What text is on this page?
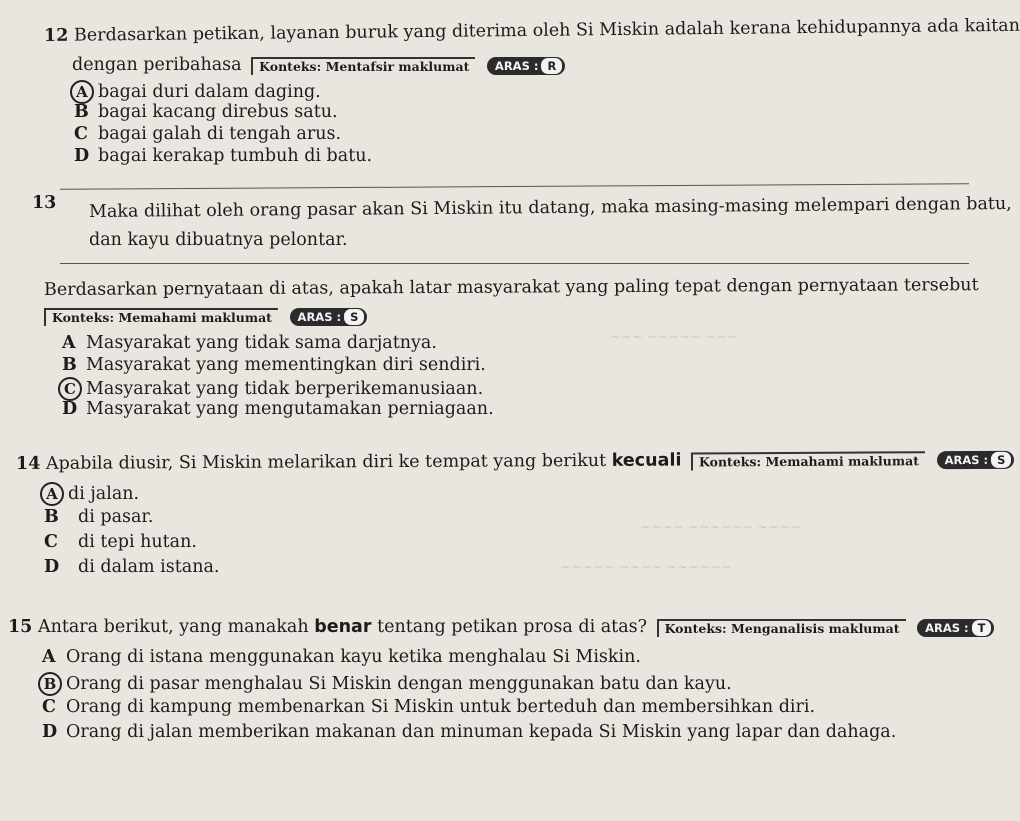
~~~ ~~~~~ ~~~
~~~~ ~~~~~~ ~~~~
~~~~~ ~~~~ ~~~~~~
12 Berdasarkan petikan, layanan buruk yang diterima oleh Si Miskin adalah kerana kehidupannya ada kaitan
dengan peribahasa Konteks: Mentafsir maklumat ARAS : R
A bagai duri dalam daging.
B bagai kacang direbus satu.
C bagai galah di tengah arus.
D bagai kerakap tumbuh di batu.
13 Maka dilihat oleh orang pasar akan Si Miskin itu datang, maka masing-masing melempari dengan batu,
dan kayu dibuatnya pelontar.
Berdasarkan pernyataan di atas, apakah latar masyarakat yang paling tepat dengan pernyataan tersebut
Konteks: Memahami maklumat ARAS : S
A Masyarakat yang tidak sama darjatnya.
B Masyarakat yang mementingkan diri sendiri.
C Masyarakat yang tidak berperikemanusiaan.
D Masyarakat yang mengutamakan perniagaan.
14 Apabila diusir, Si Miskin melarikan diri ke tempat yang berikut kecuali Konteks: Memahami maklumat ARAS : S
A di jalan.
B di pasar.
C di tepi hutan.
D di dalam istana.
15 Antara berikut, yang manakah benar tentang petikan prosa di atas? Konteks: Menganalisis maklumat ARAS : T
A Orang di istana menggunakan kayu ketika menghalau Si Miskin.
B Orang di pasar menghalau Si Miskin dengan menggunakan batu dan kayu.
C Orang di kampung membenarkan Si Miskin untuk berteduh dan membersihkan diri.
D Orang di jalan memberikan makanan dan minuman kepada Si Miskin yang lapar dan dahaga.
